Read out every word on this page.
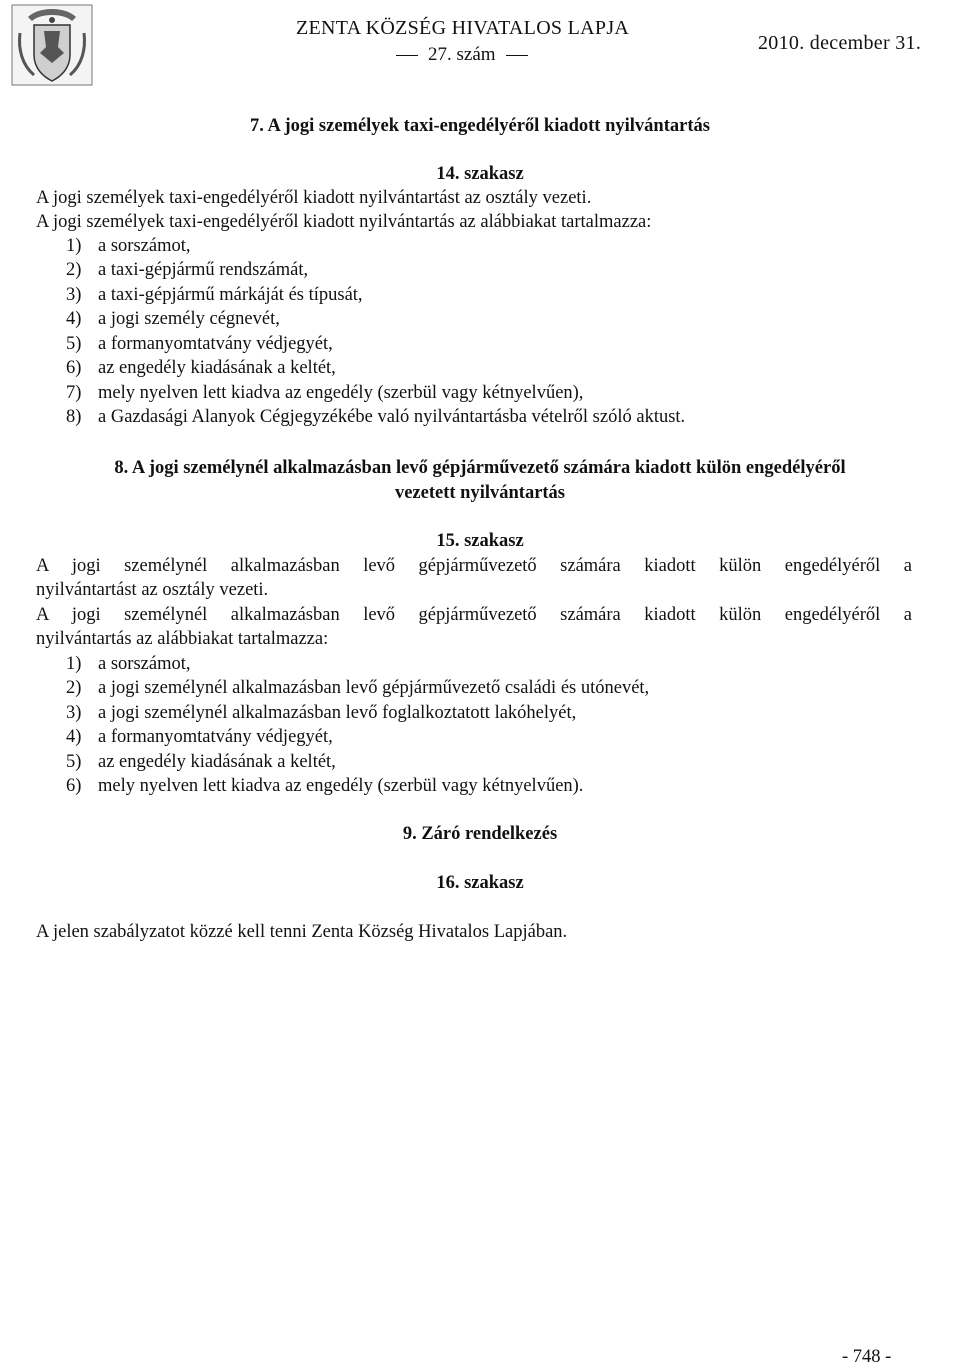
ZENTA KÖZSÉG HIVATALOS LAPJA
27. szám
2010. december 31.
7. A jogi személyek taxi-engedélyéről kiadott nyilvántartás
14. szakasz
A jogi személyek taxi-engedélyéről kiadott nyilvántartást az osztály vezeti.
A jogi személyek taxi-engedélyéről kiadott nyilvántartás az alábbiakat tartalmazza:
1) a sorszámot,
2) a taxi-gépjármű rendszámát,
3) a taxi-gépjármű márkáját és típusát,
4) a jogi személy cégnevét,
5) a formanyomtatvány védjegyét,
6) az engedély kiadásának a keltét,
7) mely nyelven lett kiadva az engedély (szerbül vagy kétnyelvűen),
8) a Gazdasági Alanyok Cégjegyzékébe való nyilvántartásba vételről szóló aktust.
8. A jogi személynél alkalmazásban levő gépjárművezető számára kiadott külön engedélyéről
vezetett nyilvántartás
15. szakasz
A jogi személynél alkalmazásban levő gépjárművezető számára kiadott külön engedélyéről a
nyilvántartást az osztály vezeti.
A jogi személynél alkalmazásban levő gépjárművezető számára kiadott külön engedélyéről a
nyilvántartás az alábbiakat tartalmazza:
1) a sorszámot,
2) a jogi személynél alkalmazásban levő gépjárművezető családi és utónevét,
3) a jogi személynél alkalmazásban levő foglalkoztatott lakóhelyét,
4) a formanyomtatvány védjegyét,
5) az engedély kiadásának a keltét,
6) mely nyelven lett kiadva az engedély (szerbül vagy kétnyelvűen).
9. Záró rendelkezés
16. szakasz
A jelen szabályzatot közzé kell tenni Zenta Község Hivatalos Lapjában.
- 748 -
